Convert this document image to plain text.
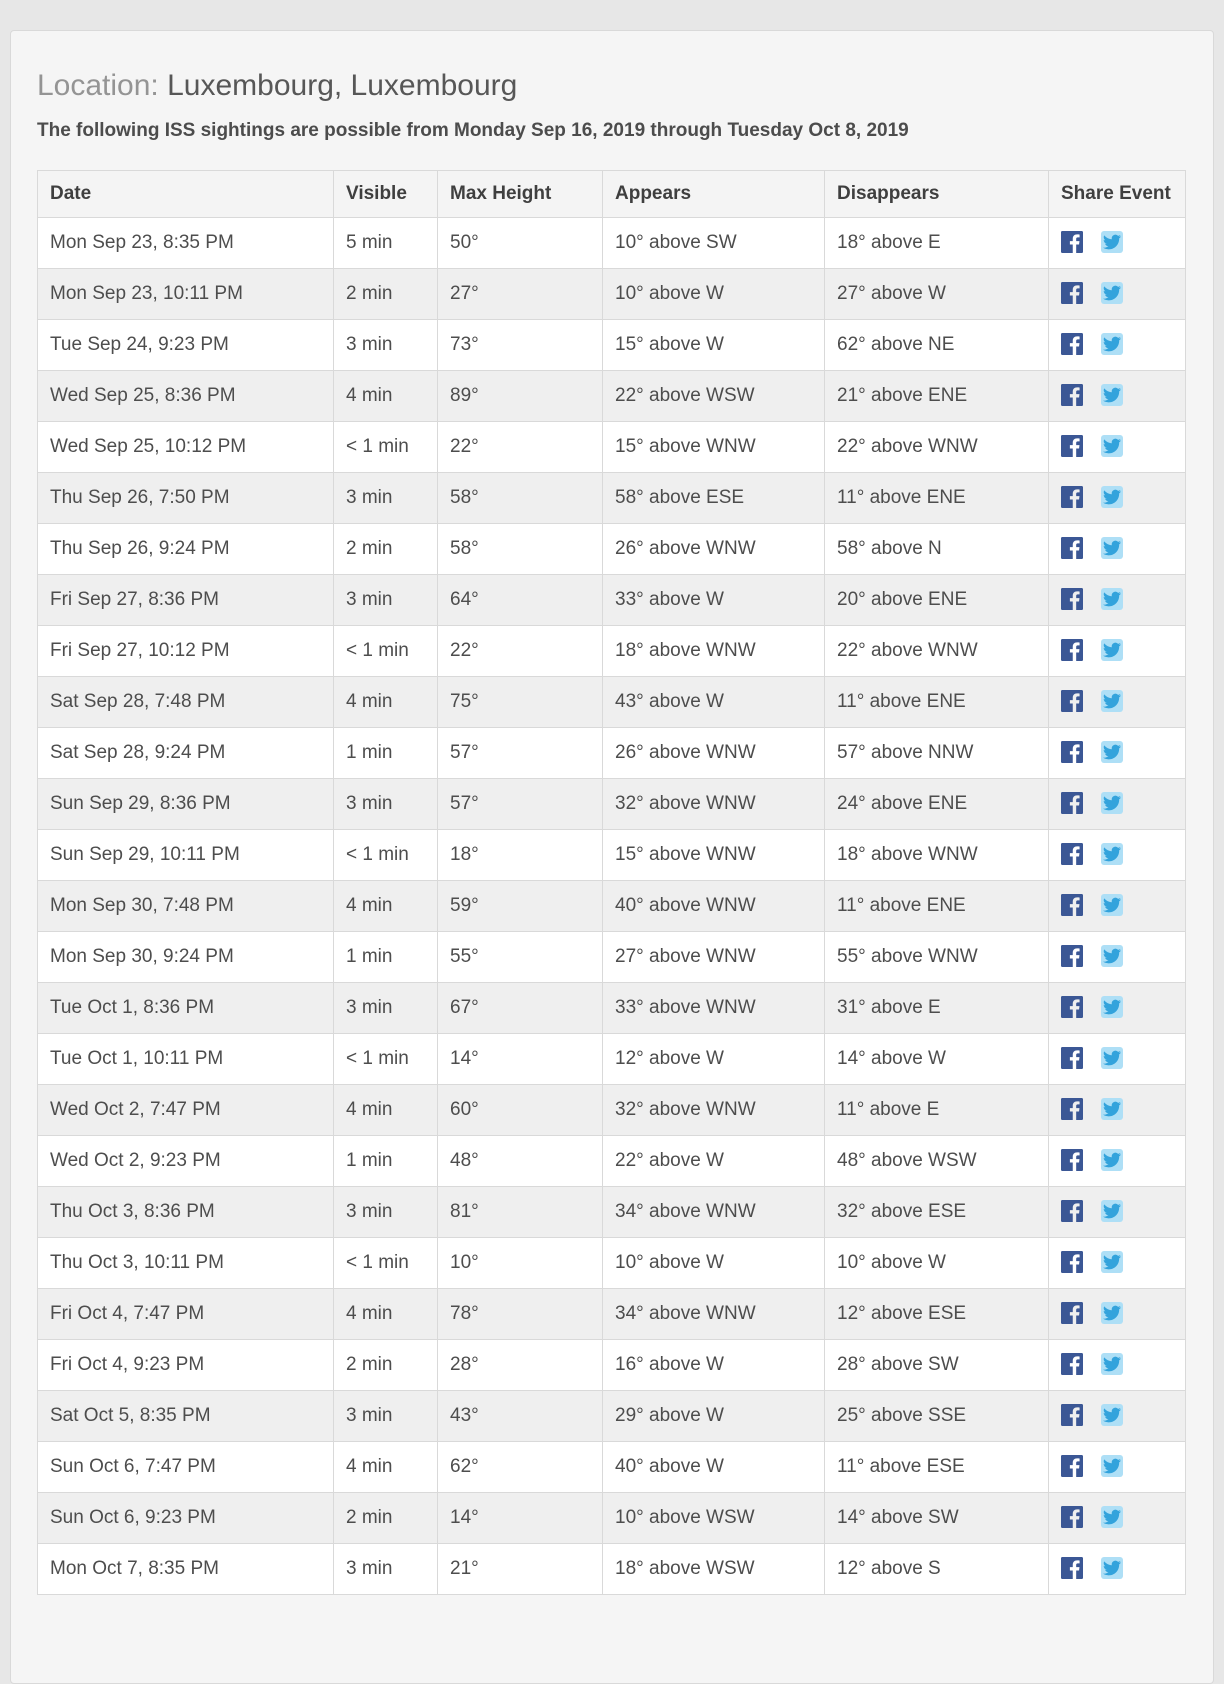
Location: Luxembourg, Luxembourg

The following ISS sightings are possible from Monday Sep 16, 2019 through Tuesday Oct 8, 2019

Date	Visible	Max Height	Appears	Disappears	Share Event
Mon Sep 23, 8:35 PM	5 min	50°	10° above SW	18° above E	

Mon Sep 23, 10:11 PM	2 min	27°	10° above W	27° above W	

Tue Sep 24, 9:23 PM	3 min	73°	15° above W	62° above NE	

Wed Sep 25, 8:36 PM	4 min	89°	22° above WSW	21° above ENE	

Wed Sep 25, 10:12 PM	< 1 min	22°	15° above WNW	22° above WNW	

Thu Sep 26, 7:50 PM	3 min	58°	58° above ESE	11° above ENE	

Thu Sep 26, 9:24 PM	2 min	58°	26° above WNW	58° above N	

Fri Sep 27, 8:36 PM	3 min	64°	33° above W	20° above ENE	

Fri Sep 27, 10:12 PM	< 1 min	22°	18° above WNW	22° above WNW	

Sat Sep 28, 7:48 PM	4 min	75°	43° above W	11° above ENE	

Sat Sep 28, 9:24 PM	1 min	57°	26° above WNW	57° above NNW	

Sun Sep 29, 8:36 PM	3 min	57°	32° above WNW	24° above ENE	

Sun Sep 29, 10:11 PM	< 1 min	18°	15° above WNW	18° above WNW	

Mon Sep 30, 7:48 PM	4 min	59°	40° above WNW	11° above ENE	

Mon Sep 30, 9:24 PM	1 min	55°	27° above WNW	55° above WNW	

Tue Oct 1, 8:36 PM	3 min	67°	33° above WNW	31° above E	

Tue Oct 1, 10:11 PM	< 1 min	14°	12° above W	14° above W	

Wed Oct 2, 7:47 PM	4 min	60°	32° above WNW	11° above E	

Wed Oct 2, 9:23 PM	1 min	48°	22° above W	48° above WSW	

Thu Oct 3, 8:36 PM	3 min	81°	34° above WNW	32° above ESE	

Thu Oct 3, 10:11 PM	< 1 min	10°	10° above W	10° above W	

Fri Oct 4, 7:47 PM	4 min	78°	34° above WNW	12° above ESE	

Fri Oct 4, 9:23 PM	2 min	28°	16° above W	28° above SW	

Sat Oct 5, 8:35 PM	3 min	43°	29° above W	25° above SSE	

Sun Oct 6, 7:47 PM	4 min	62°	40° above W	11° above ESE	

Sun Oct 6, 9:23 PM	2 min	14°	10° above WSW	14° above SW	

Mon Oct 7, 8:35 PM	3 min	21°	18° above WSW	12° above S	
